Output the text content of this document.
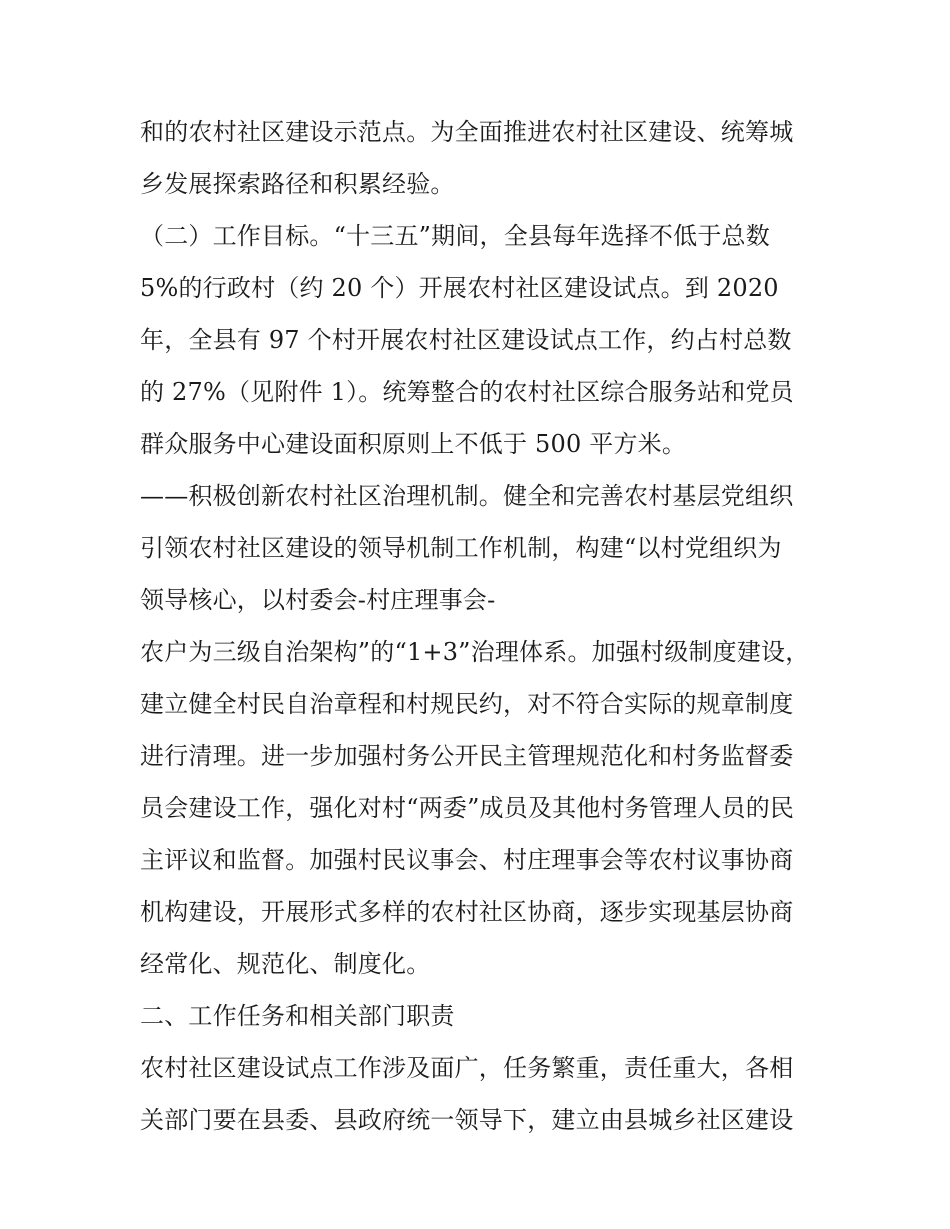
和的农村社区建设示范点。为全面推进农村社区建设、统筹城
乡发展探索路径和积累经验。
（二）工作目标。“十三五”期间，全县每年选择不低于总数
5%的行政村（约 20 个）开展农村社区建设试点。到 2020
年，全县有 97 个村开展农村社区建设试点工作，约占村总数
的 27%（见附件 1）。统筹整合的农村社区综合服务站和党员
群众服务中心建设面积原则上不低于 500 平方米。
——积极创新农村社区治理机制。健全和完善农村基层党组织
引领农村社区建设的领导机制工作机制，构建“以村党组织为
领导核心，以村委会-村庄理事会-
农户为三级自治架构”的“1+3”治理体系。加强村级制度建设，
建立健全村民自治章程和村规民约，对不符合实际的规章制度
进行清理。进一步加强村务公开民主管理规范化和村务监督委
员会建设工作，强化对村“两委”成员及其他村务管理人员的民
主评议和监督。加强村民议事会、村庄理事会等农村议事协商
机构建设，开展形式多样的农村社区协商，逐步实现基层协商
经常化、规范化、制度化。
二、工作任务和相关部门职责
农村社区建设试点工作涉及面广，任务繁重，责任重大，各相
关部门要在县委、县政府统一领导下，建立由县城乡社区建设
